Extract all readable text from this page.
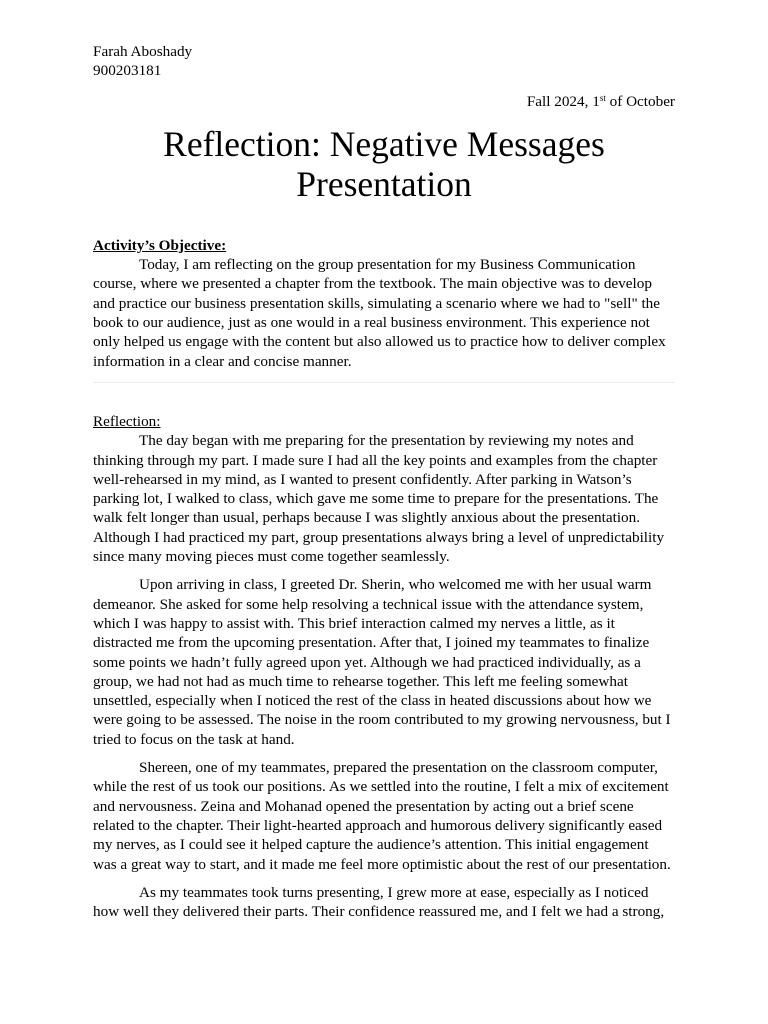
Farah Aboshady
900203181
Fall 2024, 1st of October
Reflection: Negative Messages
Presentation
Activity’s Objective:

Today, I am reflecting on the group presentation for my Business Communication course, where we presented a chapter from the textbook. The main objective was to develop and practice our business presentation skills, simulating a scenario where we had to "sell" the book to our audience, just as one would in a real business environment. This experience not only helped us engage with the content but also allowed us to practice how to deliver complex information in a clear and concise manner.

Reflection:

The day began with me preparing for the presentation by reviewing my notes and thinking through my part. I made sure I had all the key points and examples from the chapter well-rehearsed in my mind, as I wanted to present confidently. After parking in Watson’s parking lot, I walked to class, which gave me some time to prepare for the presentations. The walk felt longer than usual, perhaps because I was slightly anxious about the presentation. Although I had practiced my part, group presentations always bring a level of unpredictability since many moving pieces must come together seamlessly.

Upon arriving in class, I greeted Dr. Sherin, who welcomed me with her usual warm demeanor. She asked for some help resolving a technical issue with the attendance system, which I was happy to assist with. This brief interaction calmed my nerves a little, as it distracted me from the upcoming presentation. After that, I joined my teammates to finalize some points we hadn’t fully agreed upon yet. Although we had practiced individually, as a group, we had not had as much time to rehearse together. This left me feeling somewhat unsettled, especially when I noticed the rest of the class in heated discussions about how we were going to be assessed. The noise in the room contributed to my growing nervousness, but I tried to focus on the task at hand.

Shereen, one of my teammates, prepared the presentation on the classroom computer, while the rest of us took our positions. As we settled into the routine, I felt a mix of excitement and nervousness. Zeina and Mohanad opened the presentation by acting out a brief scene related to the chapter. Their light-hearted approach and humorous delivery significantly eased my nerves, as I could see it helped capture the audience’s attention. This initial engagement was a great way to start, and it made me feel more optimistic about the rest of our presentation.

As my teammates took turns presenting, I grew more at ease, especially as I noticed how well they delivered their parts. Their confidence reassured me, and I felt we had a strong,
